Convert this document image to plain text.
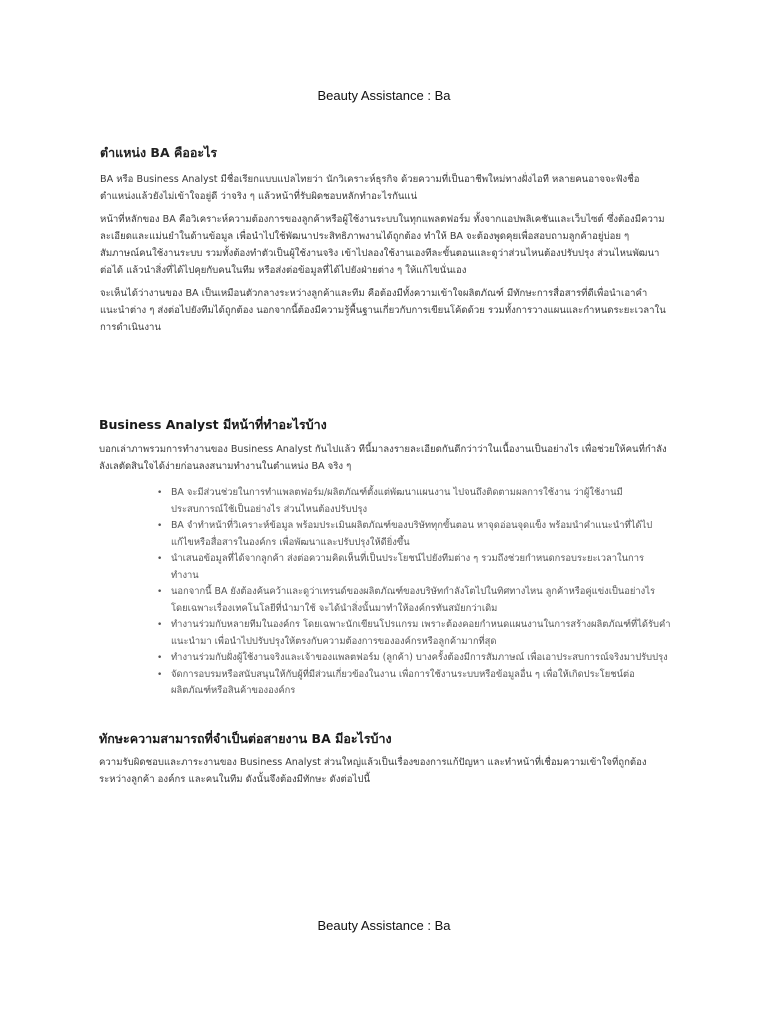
Beauty Assistance : Ba
ตำแหน่ง BA คืออะไร

BA หรือ Business Analyst มีชื่อเรียกแบบแปลไทยว่า นักวิเคราะห์ธุรกิจ ด้วยความที่เป็นอาชีพใหม่ทางฝั่งไอที หลายคนอาจจะฟังชื่อตำแหน่งแล้วยังไม่เข้าใจอยู่ดี ว่าจริง ๆ แล้วหน้าที่รับผิดชอบหลักทำอะไรกันแน่

หน้าที่หลักของ BA คือวิเคราะห์ความต้องการของลูกค้าหรือผู้ใช้งานระบบในทุกแพลตฟอร์ม ทั้งจากแอปพลิเคชันและเว็บไซต์ ซึ่งต้องมีความละเอียดและแม่นยำในด้านข้อมูล เพื่อนำไปใช้พัฒนาประสิทธิภาพงานได้ถูกต้อง ทำให้ BA จะต้องพูดคุยเพื่อสอบถามลูกค้าอยู่บ่อย ๆ สัมภาษณ์คนใช้งานระบบ รวมทั้งต้องทำตัวเป็นผู้ใช้งานจริง เข้าไปลองใช้งานเองทีละขั้นตอนและดูว่าส่วนไหนต้องปรับปรุง ส่วนไหนพัฒนาต่อได้ แล้วนำสิ่งที่ได้ไปคุยกับคนในทีม หรือส่งต่อข้อมูลที่ได้ไปยังฝ่ายต่าง ๆ ให้แก้ไขนั่นเอง

จะเห็นได้ว่างานของ BA เป็นเหมือนตัวกลางระหว่างลูกค้าและทีม คือต้องมีทั้งความเข้าใจผลิตภัณฑ์ มีทักษะการสื่อสารที่ดีเพื่อนำเอาคำแนะนำต่าง ๆ ส่งต่อไปยังทีมได้ถูกต้อง นอกจากนี้ต้องมีความรู้พื้นฐานเกี่ยวกับการเขียนโค้ดด้วย รวมทั้งการวางแผนและกำหนดระยะเวลาในการดำเนินงาน

Business Analyst มีหน้าที่ทำอะไรบ้าง

บอกเล่าภาพรวมการทำงานของ Business Analyst กันไปแล้ว ทีนี้มาลงรายละเอียดกันดีกว่าว่าในเนื้องานเป็นอย่างไร เพื่อช่วยให้คนที่กำลังลังเลตัดสินใจได้ง่ายก่อนลงสนามทำงานในตำแหน่ง BA จริง ๆ

• BA จะมีส่วนช่วยในการทำแพลตฟอร์ม/ผลิตภัณฑ์ตั้งแต่พัฒนาแผนงาน ไปจนถึงติดตามผลการใช้งาน ว่าผู้ใช้งานมีประสบการณ์ใช้เป็นอย่างไร ส่วนไหนต้องปรับปรุง
• BA จำทำหน้าที่วิเคราะห์ข้อมูล พร้อมประเมินผลิตภัณฑ์ของบริษัททุกขั้นตอน หาจุดอ่อนจุดแข็ง พร้อมนำคำแนะนำที่ได้ไปแก้ไขหรือสื่อสารในองค์กร เพื่อพัฒนาและปรับปรุงให้ดียิ่งขึ้น
• นำเสนอข้อมูลที่ได้จากลูกค้า ส่งต่อความคิดเห็นที่เป็นประโยชน์ไปยังทีมต่าง ๆ รวมถึงช่วยกำหนดกรอบระยะเวลาในการทำงาน
• นอกจากนี้ BA ยังต้องค้นคว้าและดูว่าเทรนด์ของผลิตภัณฑ์ของบริษัทกำลังโตไปในทิศทางไหน ลูกค้าหรือคู่แข่งเป็นอย่างไร โดยเฉพาะเรื่องเทคโนโลยีที่นำมาใช้ จะได้นำสิ่งนั้นมาทำให้องค์กรทันสมัยกว่าเดิม
• ทำงานร่วมกับหลายทีมในองค์กร โดยเฉพาะนักเขียนโปรแกรม เพราะต้องคอยกำหนดแผนงานในการสร้างผลิตภัณฑ์ที่ได้รับคำแนะนำมา เพื่อนำไปปรับปรุงให้ตรงกับความต้องการขององค์กรหรือลูกค้ามากที่สุด
• ทำงานร่วมกับฝั่งผู้ใช้งานจริงและเจ้าของแพลตฟอร์ม (ลูกค้า) บางครั้งต้องมีการสัมภาษณ์ เพื่อเอาประสบการณ์จริงมาปรับปรุง
• จัดการอบรมหรือสนับสนุนให้กับผู้ที่มีส่วนเกี่ยวข้องในงาน เพื่อการใช้งานระบบหรือข้อมูลอื่น ๆ เพื่อให้เกิดประโยชน์ต่อผลิตภัณฑ์หรือสินค้าขององค์กร
ทักษะความสามารถที่จำเป็นต่อสายงาน BA มีอะไรบ้าง

ความรับผิดชอบและภาระงานของ Business Analyst ส่วนใหญ่แล้วเป็นเรื่องของการแก้ปัญหา และทำหน้าที่เชื่อมความเข้าใจที่ถูกต้องระหว่างลูกค้า องค์กร และคนในทีม ดังนั้นจึงต้องมีทักษะ ดังต่อไปนี้

Beauty Assistance : Ba
